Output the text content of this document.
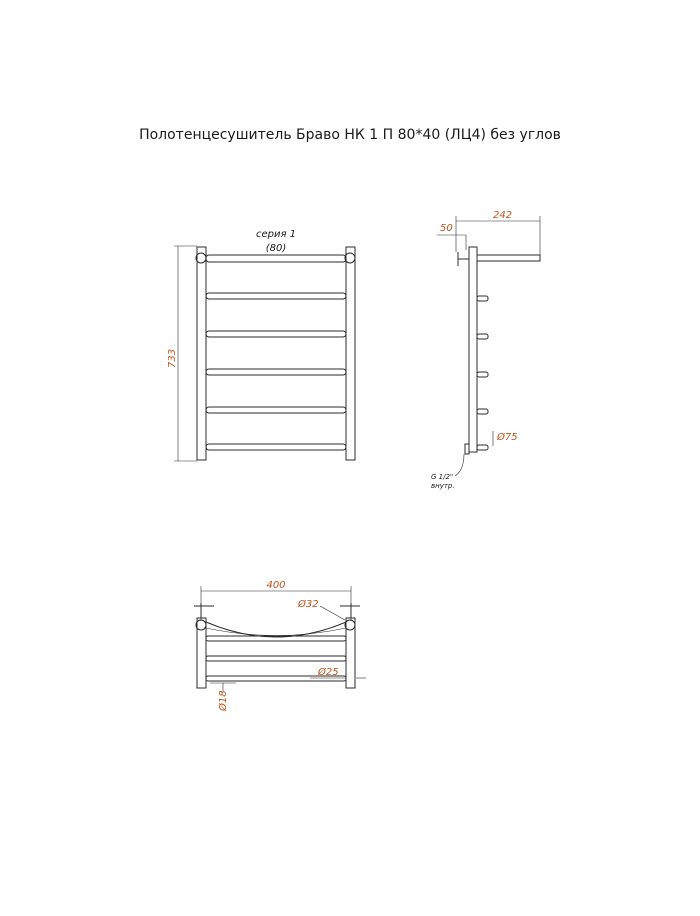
Полотенцесушитель Браво НК 1 П 80*40 (ЛЦ4) без углов
733
серия 1
(80)
50
242
Ø75
G 1/2"
внутр.
400
Ø32
Ø25
Ø18
